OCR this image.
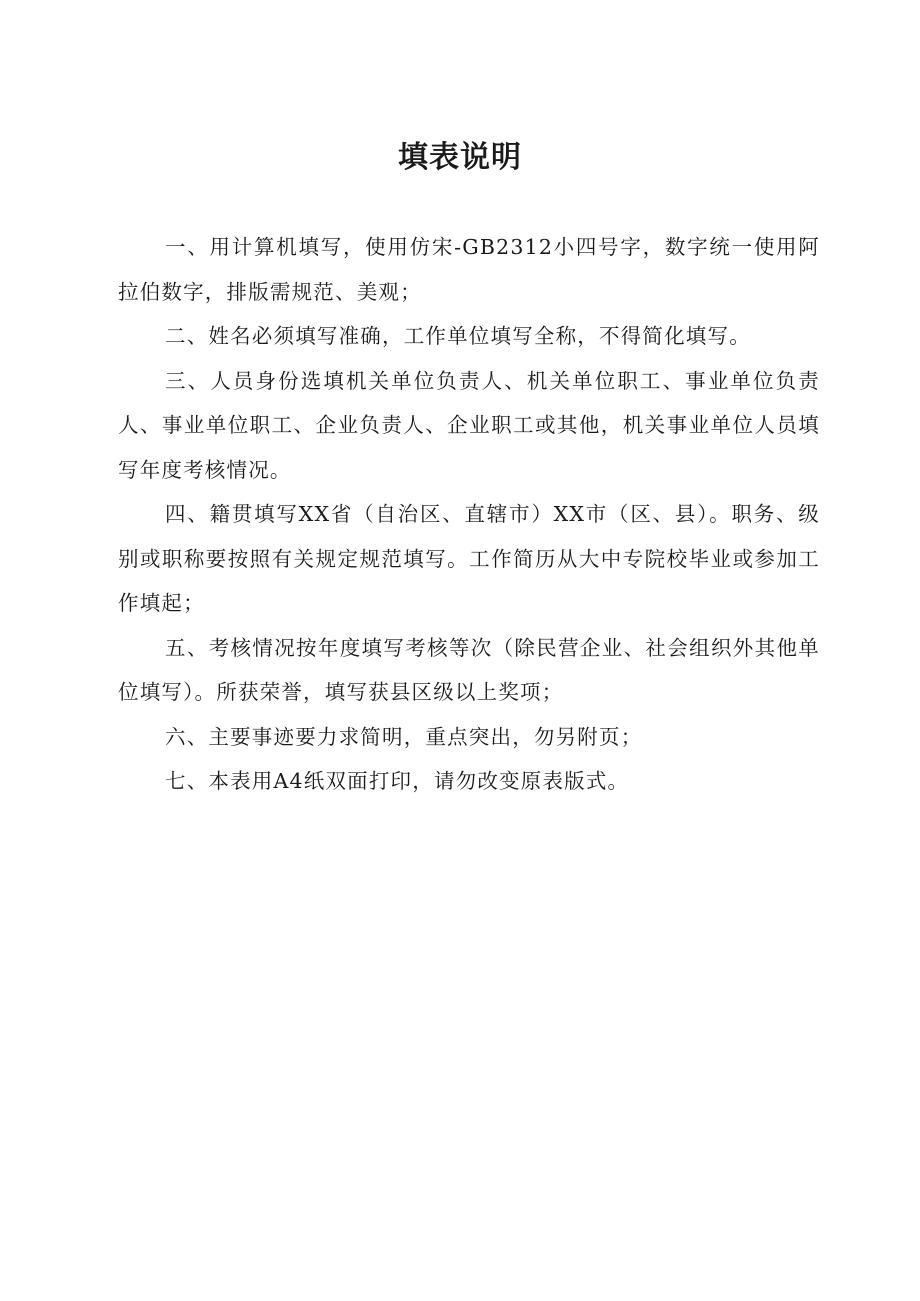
填表说明

一、用计算机填写，使用仿宋-GB2312小四号字，数字统一使用阿拉伯数字，排版需规范、美观；

二、姓名必须填写准确，工作单位填写全称，不得简化填写。

三、人员身份选填机关单位负责人、机关单位职工、事业单位负责人、事业单位职工、企业负责人、企业职工或其他，机关事业单位人员填写年度考核情况。

四、籍贯填写XX省（自治区、直辖市）XX市（区、县）。职务、级别或职称要按照有关规定规范填写。工作简历从大中专院校毕业或参加工作填起；

五、考核情况按年度填写考核等次（除民营企业、社会组织外其他单位填写）。所获荣誉，填写获县区级以上奖项；

六、主要事迹要力求简明，重点突出，勿另附页；

七、本表用A4纸双面打印，请勿改变原表版式。
